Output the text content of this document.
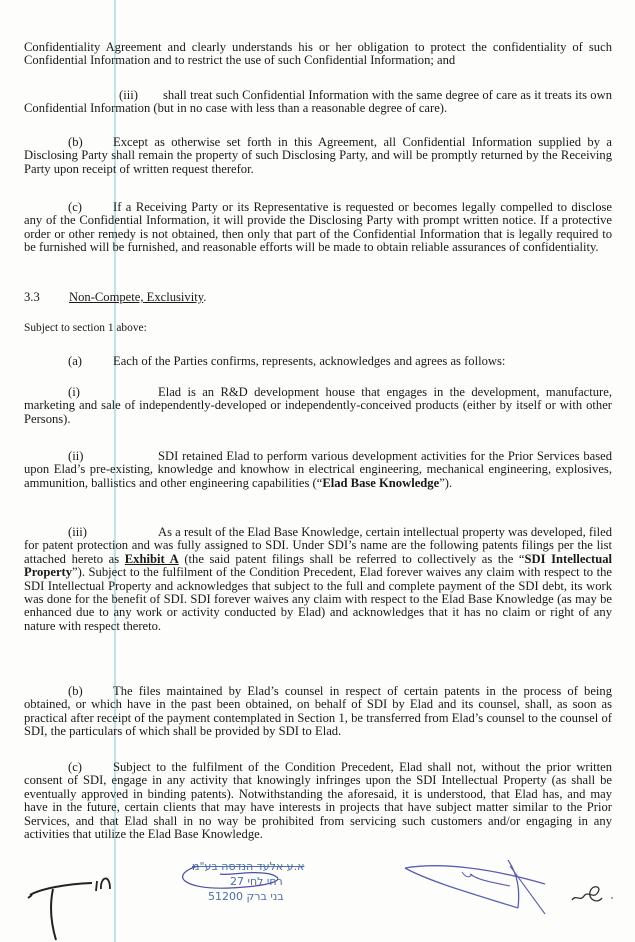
Confidentiality Agreement and clearly understands his or her obligation to protect the confidentiality of such Confidential Information and to restrict the use of such Confidential Information; and

(iii) shall treat such Confidential Information with the same degree of care as it treats its own Confidential Information (but in no case with less than a reasonable degree of care).

(b) Except as otherwise set forth in this Agreement, all Confidential Information supplied by a Disclosing Party shall remain the property of such Disclosing Party, and will be promptly returned by the Receiving Party upon receipt of written request therefor.

(c) If a Receiving Party or its Representative is requested or becomes legally compelled to disclose any of the Confidential Information, it will provide the Disclosing Party with prompt written notice. If a protective order or other remedy is not obtained, then only that part of the Confidential Information that is legally required to be furnished will be furnished, and reasonable efforts will be made to obtain reliable assurances of confidentiality.

3.3 Non-Compete, Exclusivity.

Subject to section 1 above:

(a) Each of the Parties confirms, represents, acknowledges and agrees as follows:

(i)	Elad is an R&D development house that engages in the development, manufacture, marketing and sale of independently-developed or independently-conceived products (either by itself or with other Persons).

(ii)	SDI retained Elad to perform various development activities for the Prior Services based upon Elad’s pre-existing, knowledge and knowhow in electrical engineering, mechanical engineering, explosives, ammunition, ballistics and other engineering capabilities (“Elad Base Knowledge”).

(iii)	As a result of the Elad Base Knowledge, certain intellectual property was developed, filed for patent protection and was fully assigned to SDI. Under SDI’s name are the following patents filings per the list attached hereto as Exhibit A (the said patent filings shall be referred to collectively as the “SDI Intellectual Property”). Subject to the fulfilment of the Condition Precedent, Elad forever waives any claim with respect to the SDI Intellectual Property and acknowledges that subject to the full and complete payment of the SDI debt, its work was done for the benefit of SDI. SDI forever waives any claim with respect to the Elad Base Knowledge (as may be enhanced due to any work or activity conducted by Elad) and acknowledges that it has no claim or right of any nature with respect thereto.

(b) The files maintained by Elad’s counsel in respect of certain patents in the process of being obtained, or which have in the past been obtained, on behalf of SDI by Elad and its counsel, shall, as soon as practical after receipt of the payment contemplated in Section 1, be transferred from Elad’s counsel to the counsel of SDI, the particulars of which shall be provided by SDI to Elad.

(c) Subject to the fulfilment of the Condition Precedent, Elad shall not, without the prior written consent of SDI, engage in any activity that knowingly infringes upon the SDI Intellectual Property (as shall be eventually approved in binding patents). Notwithstanding the aforesaid, it is understood, that Elad has, and may have in the future, certain clients that may have interests in projects that have subject matter similar to the Prior Services, and that Elad shall in no way be prohibited from servicing such customers and/or engaging in any activities that utilize the Elad Base Knowledge.

א.ע אלעד הנדסה בע"מ
רחי לחי 27
בני ברק 51200
